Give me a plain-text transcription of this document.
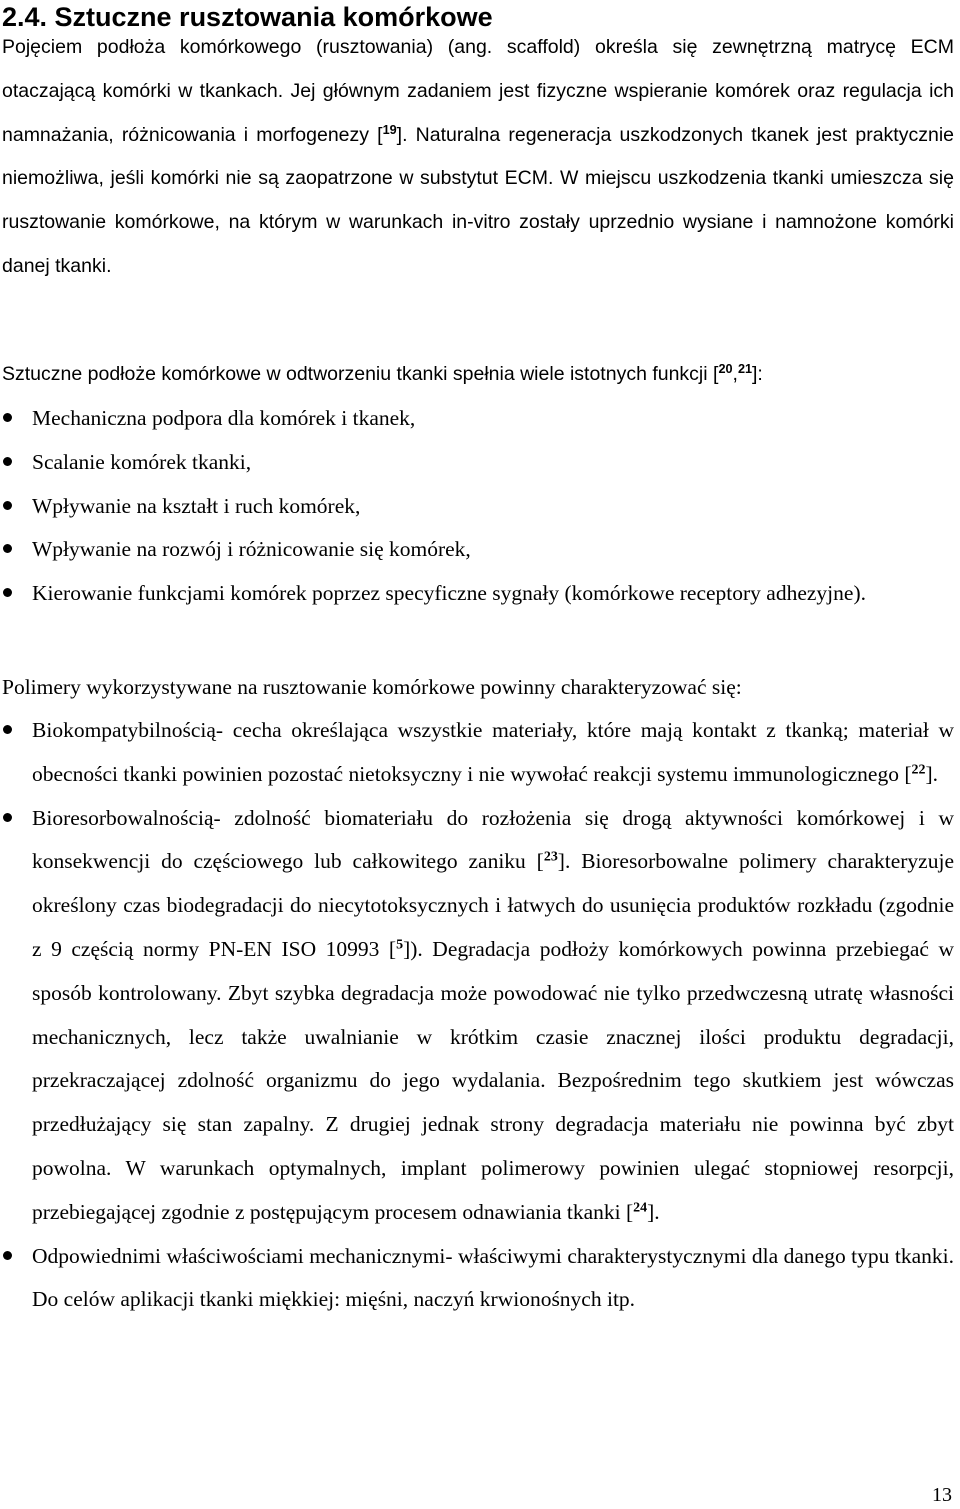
2.4. Sztuczne rusztowania komórkowe

Pojęciem podłoża komórkowego (rusztowania) (ang. scaffold) określa się zewnętrzną matrycę ECM otaczającą komórki w tkankach. Jej głównym zadaniem jest fizyczne wspieranie komórek oraz regulacja ich namnażania, różnicowania i morfogenezy [$^{19}$]. Naturalna regeneracja uszkodzonych tkanek jest praktycznie niemożliwa, jeśli komórki nie są zaopatrzone w substytut ECM. W miejscu uszkodzenia tkanki umieszcza się rusztowanie komórkowe, na którym w warunkach in-vitro zostały uprzednio wysiane i namnożone komórki danej tkanki.

Sztuczne podłoże komórkowe w odtworzeniu tkanki spełnia wiele istotnych funkcji [$^{20}$,$^{21}$]:

Mechaniczna podpora dla komórek i tkanek,
Scalanie komórek tkanki,
Wpływanie na kształt i ruch komórek,
Wpływanie na rozwój i różnicowanie się komórek,
Kierowanie funkcjami komórek poprzez specyficzne sygnały (komórkowe receptory adhezyjne).

Polimery wykorzystywane na rusztowanie komórkowe powinny charakteryzować się:

Biokompatybilnością- cecha określająca wszystkie materiały, które mają kontakt z tkanką; materiał w obecności tkanki powinien pozostać nietoksyczny i nie wywołać reakcji systemu immunologicznego [$^{22}$].
Bioresorbowalnością- zdolność biomateriału do rozłożenia się drogą aktywności komórkowej i w konsekwencji do częściowego lub całkowitego zaniku [$^{23}$]. Bioresorbowalne polimery charakteryzuje określony czas biodegradacji do niecytotoksycznych i łatwych do usunięcia produktów rozkładu (zgodnie z 9 częścią normy PN-EN ISO 10993 [$^5$]). Degradacja podłoży komórkowych powinna przebiegać w sposób kontrolowany. Zbyt szybka degradacja może powodować nie tylko przedwczesną utratę własności mechanicznych, lecz także uwalnianie w krótkim czasie znacznej ilości produktu degradacji, przekraczającej zdolność organizmu do jego wydalania. Bezpośrednim tego skutkiem jest wówczas przedłużający się stan zapalny. Z drugiej jednak strony degradacja materiału nie powinna być zbyt powolna. W warunkach optymalnych, implant polimerowy powinien ulegać stopniowej resorpcji, przebiegającej zgodnie z postępującym procesem odnawiania tkanki [$^{24}$].
Odpowiednimi właściwościami mechanicznymi- właściwymi charakterystycznymi dla danego typu tkanki. Do celów aplikacji tkanki miękkiej: mięśni, naczyń krwionośnych itp.
13
